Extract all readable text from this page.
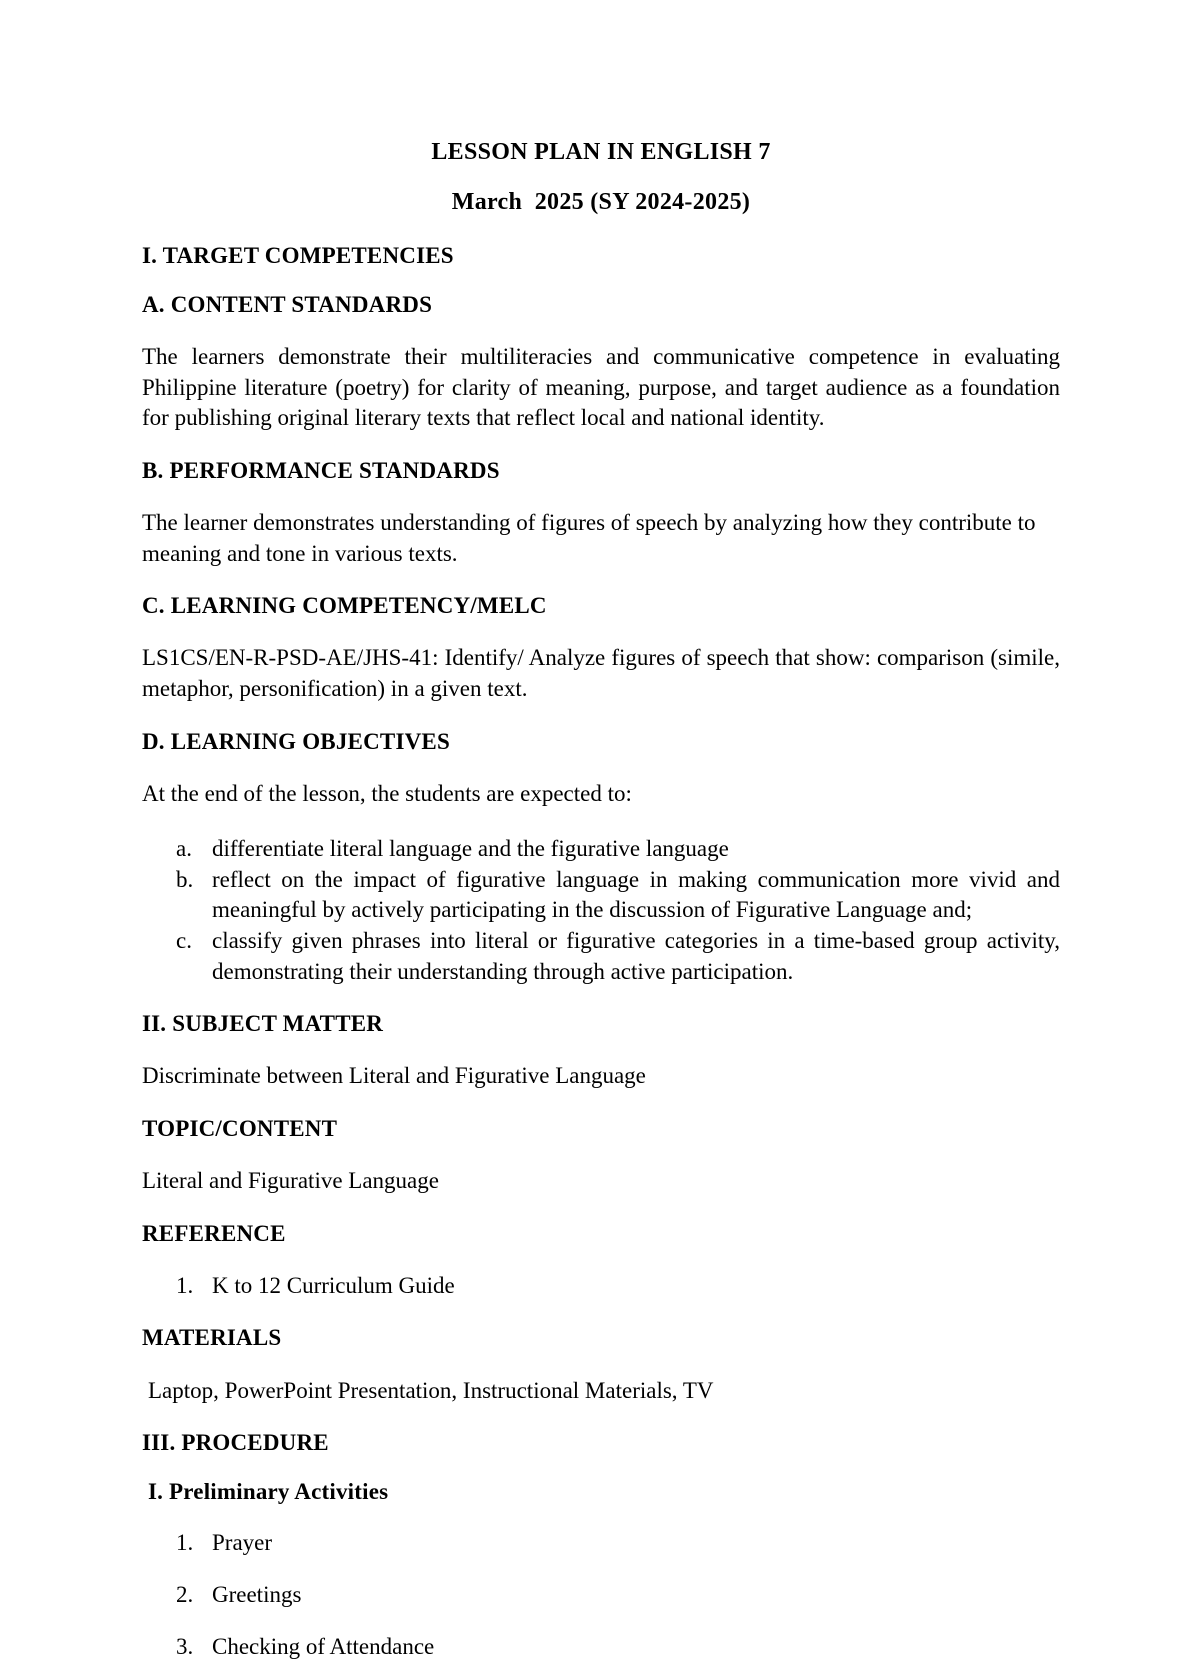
LESSON PLAN IN ENGLISH 7
March  2025 (SY 2024-2025)
I. TARGET COMPETENCIES
A. CONTENT STANDARDS

The learners demonstrate their multiliteracies and communicative competence in evaluating Philippine literature (poetry) for clarity of meaning, purpose, and target audience as a foundation for publishing original literary texts that reflect local and national identity.

B. PERFORMANCE STANDARDS

The learner demonstrates understanding of figures of speech by analyzing how they contribute to meaning and tone in various texts.

C. LEARNING COMPETENCY/MELC

LS1CS/EN-R-PSD-AE/JHS-41: Identify/ Analyze figures of speech that show: comparison (simile, metaphor, personification) in a given text.

D. LEARNING OBJECTIVES

At the end of the lesson, the students are expected to:

a. differentiate literal language and the figurative language
b. reflect on the impact of figurative language in making communication more vivid and meaningful by actively participating in the discussion of Figurative Language and;
c. classify given phrases into literal or figurative categories in a time-based group activity, demonstrating their understanding through active participation.
II. SUBJECT MATTER

Discriminate between Literal and Figurative Language

TOPIC/CONTENT

Literal and Figurative Language

REFERENCE
1. K to 12 Curriculum Guide
MATERIALS

Laptop, PowerPoint Presentation, Instructional Materials, TV

III. PROCEDURE
I. Preliminary Activities
1. Prayer
2. Greetings
3. Checking of Attendance
